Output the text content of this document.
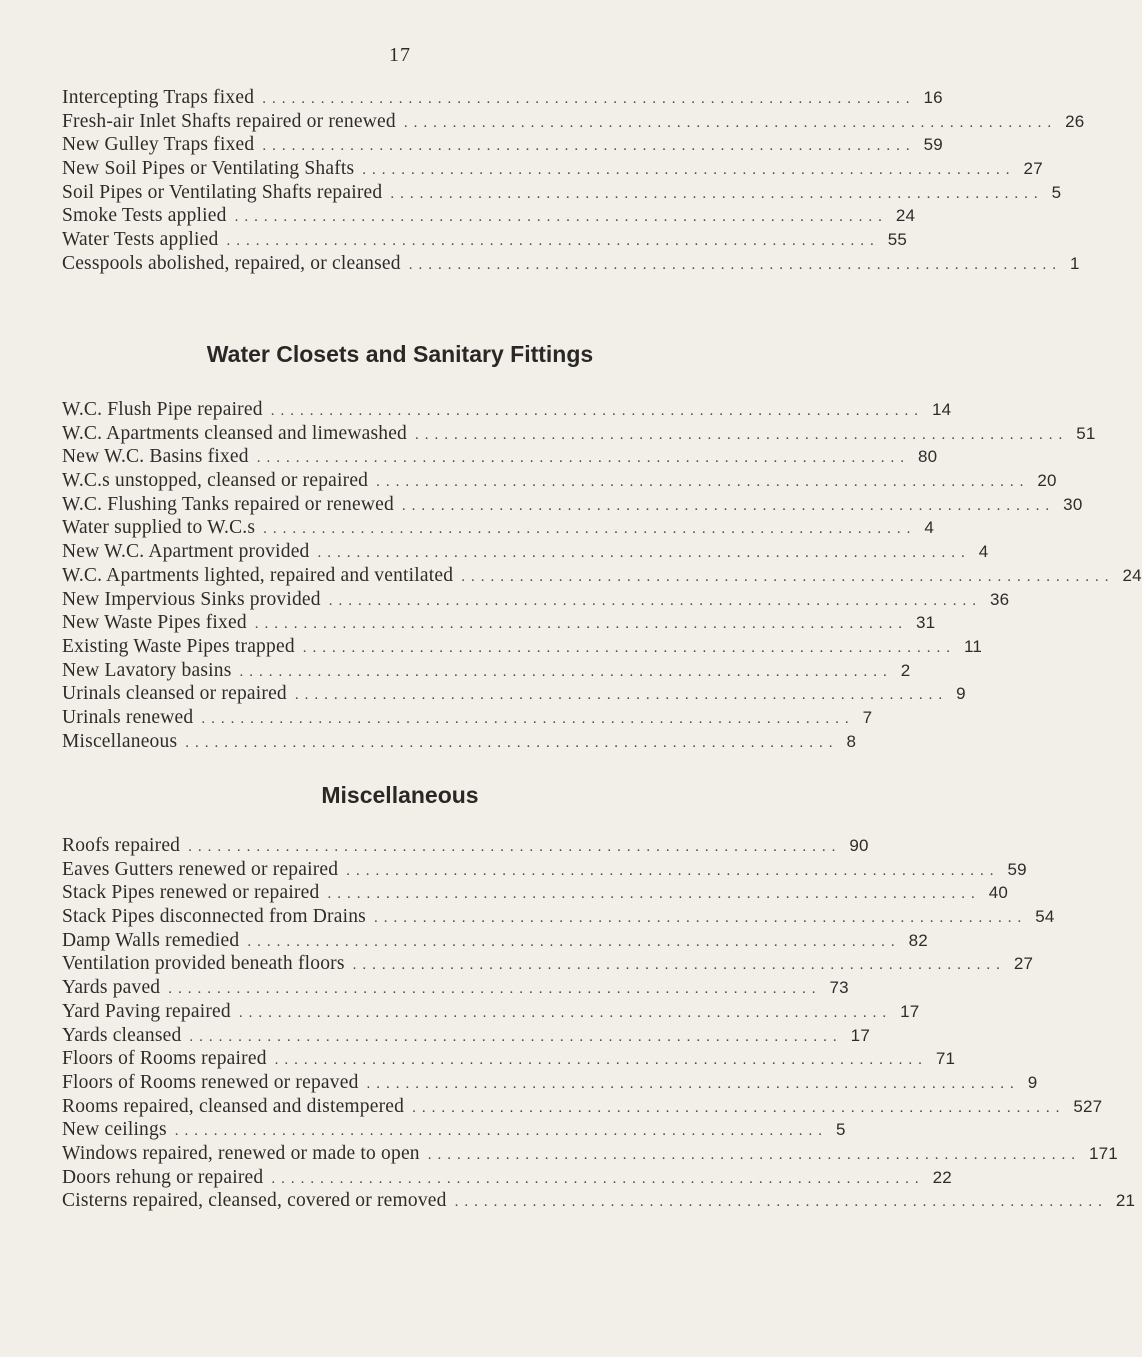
17
Intercepting Traps fixed ................................................................... 16
Fresh-air Inlet Shafts repaired or renewed ................................................................... 26
New Gulley Traps fixed ................................................................... 59
New Soil Pipes or Ventilating Shafts ................................................................... 27
Soil Pipes or Ventilating Shafts repaired ................................................................... 5
Smoke Tests applied ................................................................... 24
Water Tests applied ................................................................... 55
Cesspools abolished, repaired, or cleansed ................................................................... 1
Water Closets and Sanitary Fittings
W.C. Flush Pipe repaired ................................................................... 14
W.C. Apartments cleansed and limewashed ................................................................... 51
New W.C. Basins fixed ................................................................... 80
W.C.s unstopped, cleansed or repaired ................................................................... 20
W.C. Flushing Tanks repaired or renewed ................................................................... 30
Water supplied to W.C.s ................................................................... 4
New W.C. Apartment provided ................................................................... 4
W.C. Apartments lighted, repaired and ventilated ................................................................... 24
New Impervious Sinks provided ................................................................... 36
New Waste Pipes fixed ................................................................... 31
Existing Waste Pipes trapped ................................................................... 11
New Lavatory basins ................................................................... 2
Urinals cleansed or repaired ................................................................... 9
Urinals renewed ................................................................... 7
Miscellaneous ................................................................... 8
Miscellaneous
Roofs repaired ................................................................... 90
Eaves Gutters renewed or repaired ................................................................... 59
Stack Pipes renewed or repaired ................................................................... 40
Stack Pipes disconnected from Drains ................................................................... 54
Damp Walls remedied ................................................................... 82
Ventilation provided beneath floors ................................................................... 27
Yards paved ................................................................... 73
Yard Paving repaired ................................................................... 17
Yards cleansed ................................................................... 17
Floors of Rooms repaired ................................................................... 71
Floors of Rooms renewed or repaved ................................................................... 9
Rooms repaired, cleansed and distempered ................................................................... 527
New ceilings ................................................................... 5
Windows repaired, renewed or made to open ................................................................... 171
Doors rehung or repaired ................................................................... 22
Cisterns repaired, cleansed, covered or removed ................................................................... 21
